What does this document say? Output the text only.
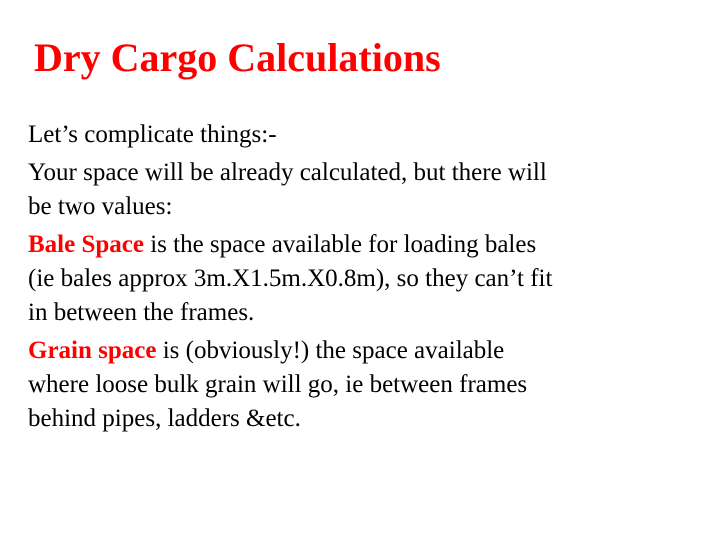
Dry Cargo Calculations

Let’s complicate things:-

Your space will be already calculated, but there will
be two values:

Bale Space is the space available for loading bales
(ie bales approx 3m.X1.5m.X0.8m), so they can’t fit
in between the frames.

Grain space is (obviously!) the space available
where loose bulk grain will go, ie between frames
behind pipes, ladders &etc.
